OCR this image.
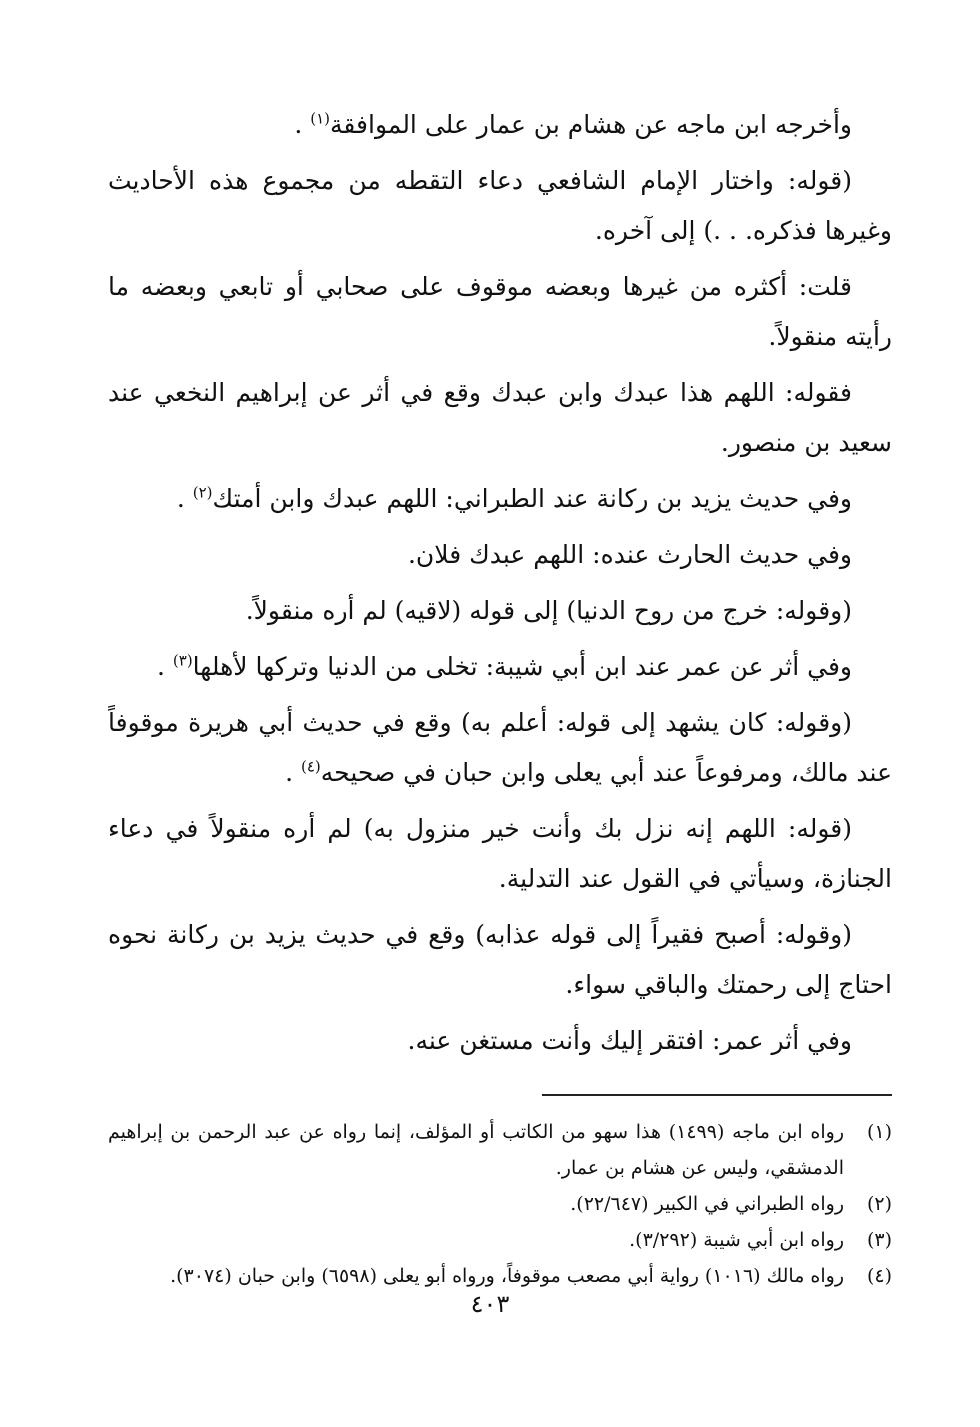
وأخرجه ابن ماجه عن هشام بن عمار على الموافقة$^{(١)}$ .

(قوله: واختار الإمام الشافعي دعاء التقطه من مجموع هذه الأحاديث وغيرها فذكره. . .) إلى آخره.

قلت: أكثره من غيرها وبعضه موقوف على صحابي أو تابعي وبعضه ما رأيته منقولاً.

فقوله: اللهم هذا عبدك وابن عبدك وقع في أثر عن إبراهيم النخعي عند سعيد بن منصور.

وفي حديث يزيد بن ركانة عند الطبراني: اللهم عبدك وابن أمتك$^{(٢)}$ .

وفي حديث الحارث عنده: اللهم عبدك فلان.

(وقوله: خرج من روح الدنيا) إلى قوله (لاقيه) لم أره منقولاً.

وفي أثر عن عمر عند ابن أبي شيبة: تخلى من الدنيا وتركها لأهلها$^{(٣)}$ .

(وقوله: كان يشهد إلى قوله: أعلم به) وقع في حديث أبي هريرة موقوفاً عند مالك، ومرفوعاً عند أبي يعلى وابن حبان في صحيحه$^{(٤)}$ .

(قوله: اللهم إنه نزل بك وأنت خير منزول به) لم أره منقولاً في دعاء الجنازة، وسيأتي في القول عند التدلية.

(وقوله: أصبح فقيراً إلى قوله عذابه) وقع في حديث يزيد بن ركانة نحوه احتاج إلى رحمتك والباقي سواء.

وفي أثر عمر: افتقر إليك وأنت مستغن عنه.

(١)
رواه ابن ماجه (١٤٩٩) هذا سهو من الكاتب أو المؤلف، إنما رواه عن عبد الرحمن بن إبراهيم الدمشقي، وليس عن هشام بن عمار.
(٢)
رواه الطبراني في الكبير (٢٢/٦٤٧).
(٣)
رواه ابن أبي شيبة (٣/٢٩٢).
(٤)
رواه مالك (١٠١٦) رواية أبي مصعب موقوفاً، ورواه أبو يعلى (٦٥٩٨) وابن حبان (٣٠٧٤).
٤٠٣
